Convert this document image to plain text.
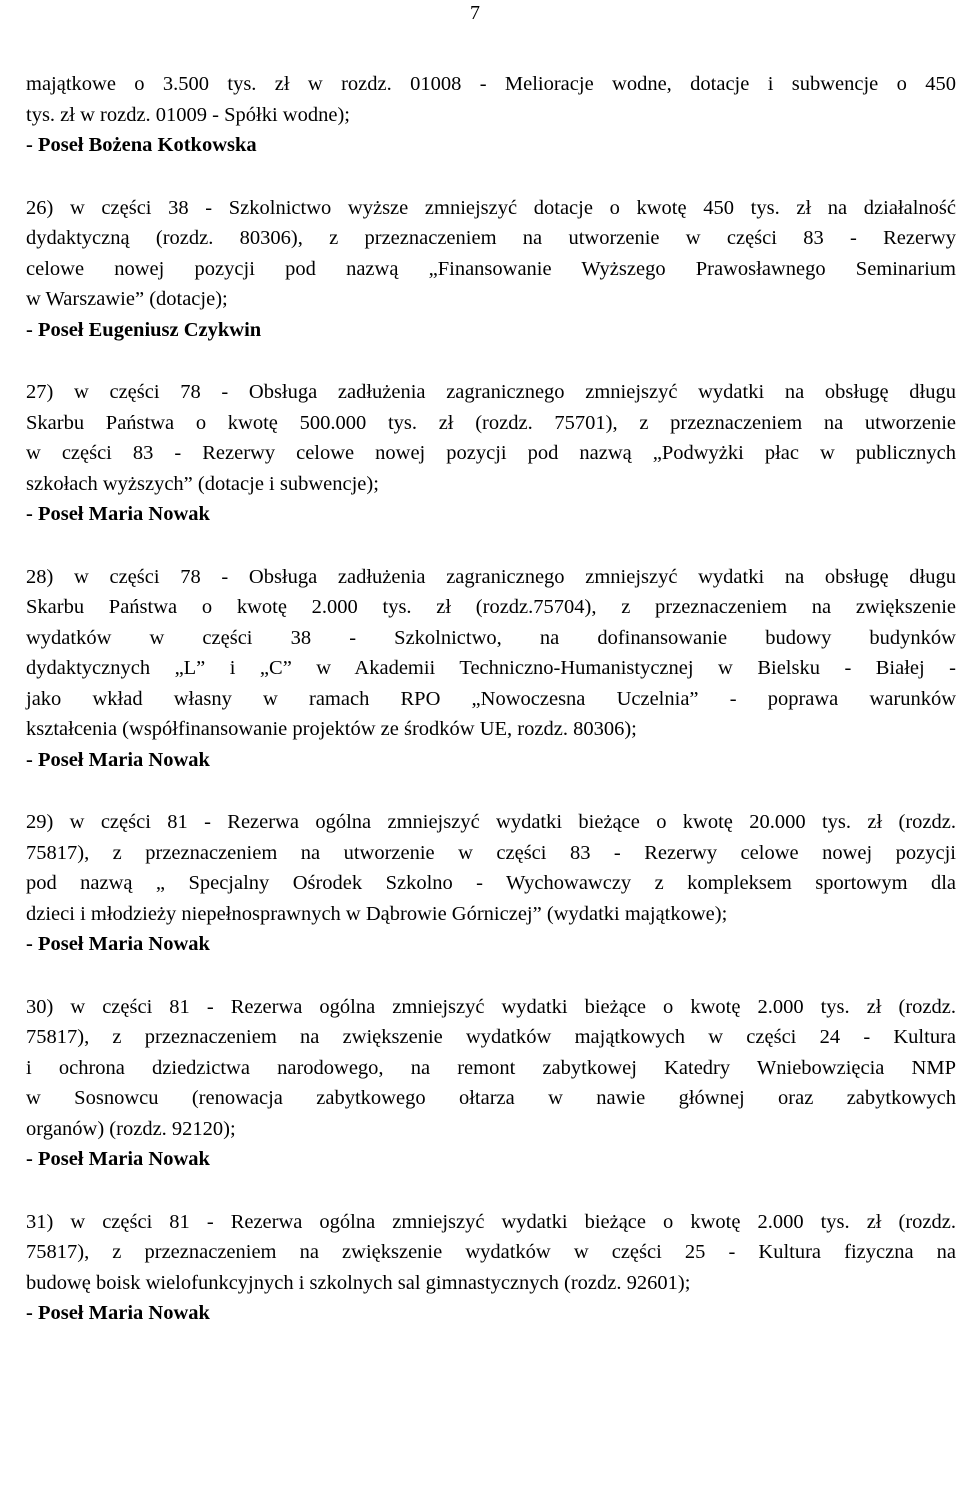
7
majątkowe o 3.500 tys. zł w rozdz. 01008 - Melioracje wodne, dotacje i subwencje o 450
tys. zł w rozdz. 01009 - Spółki wodne);
- Poseł Bożena Kotkowska
26) w części 38 - Szkolnictwo wyższe zmniejszyć dotacje o kwotę 450 tys. zł na działalność
dydaktyczną (rozdz. 80306), z przeznaczeniem na utworzenie w części 83 - Rezerwy
celowe nowej pozycji pod nazwą „Finansowanie Wyższego Prawosławnego Seminarium
w Warszawie” (dotacje);
- Poseł Eugeniusz Czykwin
27) w części 78 - Obsługa zadłużenia zagranicznego zmniejszyć wydatki na obsługę długu
Skarbu Państwa o kwotę 500.000 tys. zł (rozdz. 75701), z przeznaczeniem na utworzenie
w części 83 - Rezerwy celowe nowej pozycji pod nazwą „Podwyżki płac w publicznych
szkołach wyższych” (dotacje i subwencje);
- Poseł Maria Nowak
28) w części 78 - Obsługa zadłużenia zagranicznego zmniejszyć wydatki na obsługę długu
Skarbu Państwa o kwotę 2.000 tys. zł (rozdz.75704), z przeznaczeniem na zwiększenie
wydatków w części 38 - Szkolnictwo, na dofinansowanie budowy budynków
dydaktycznych „L” i „C” w Akademii Techniczno-Humanistycznej w Bielsku - Białej -
jako wkład własny w ramach RPO „Nowoczesna Uczelnia” - poprawa warunków
kształcenia (współfinansowanie projektów ze środków UE, rozdz. 80306);
- Poseł Maria Nowak
29) w części 81 - Rezerwa ogólna zmniejszyć wydatki bieżące o kwotę 20.000 tys. zł (rozdz.
75817), z przeznaczeniem na utworzenie w części 83 - Rezerwy celowe nowej pozycji
pod nazwą „ Specjalny Ośrodek Szkolno - Wychowawczy z kompleksem sportowym dla
dzieci i młodzieży niepełnosprawnych w Dąbrowie Górniczej” (wydatki majątkowe);
- Poseł Maria Nowak
30) w części 81 - Rezerwa ogólna zmniejszyć wydatki bieżące o kwotę 2.000 tys. zł (rozdz.
75817), z przeznaczeniem na zwiększenie wydatków majątkowych w części 24 - Kultura
i ochrona dziedzictwa narodowego, na remont zabytkowej Katedry Wniebowzięcia NMP
w Sosnowcu (renowacja zabytkowego ołtarza w nawie głównej oraz zabytkowych
organów) (rozdz. 92120);
- Poseł Maria Nowak
31) w części 81 - Rezerwa ogólna zmniejszyć wydatki bieżące o kwotę 2.000 tys. zł (rozdz.
75817), z przeznaczeniem na zwiększenie wydatków w części 25 - Kultura fizyczna na
budowę boisk wielofunkcyjnych i szkolnych sal gimnastycznych (rozdz. 92601);
- Poseł Maria Nowak
